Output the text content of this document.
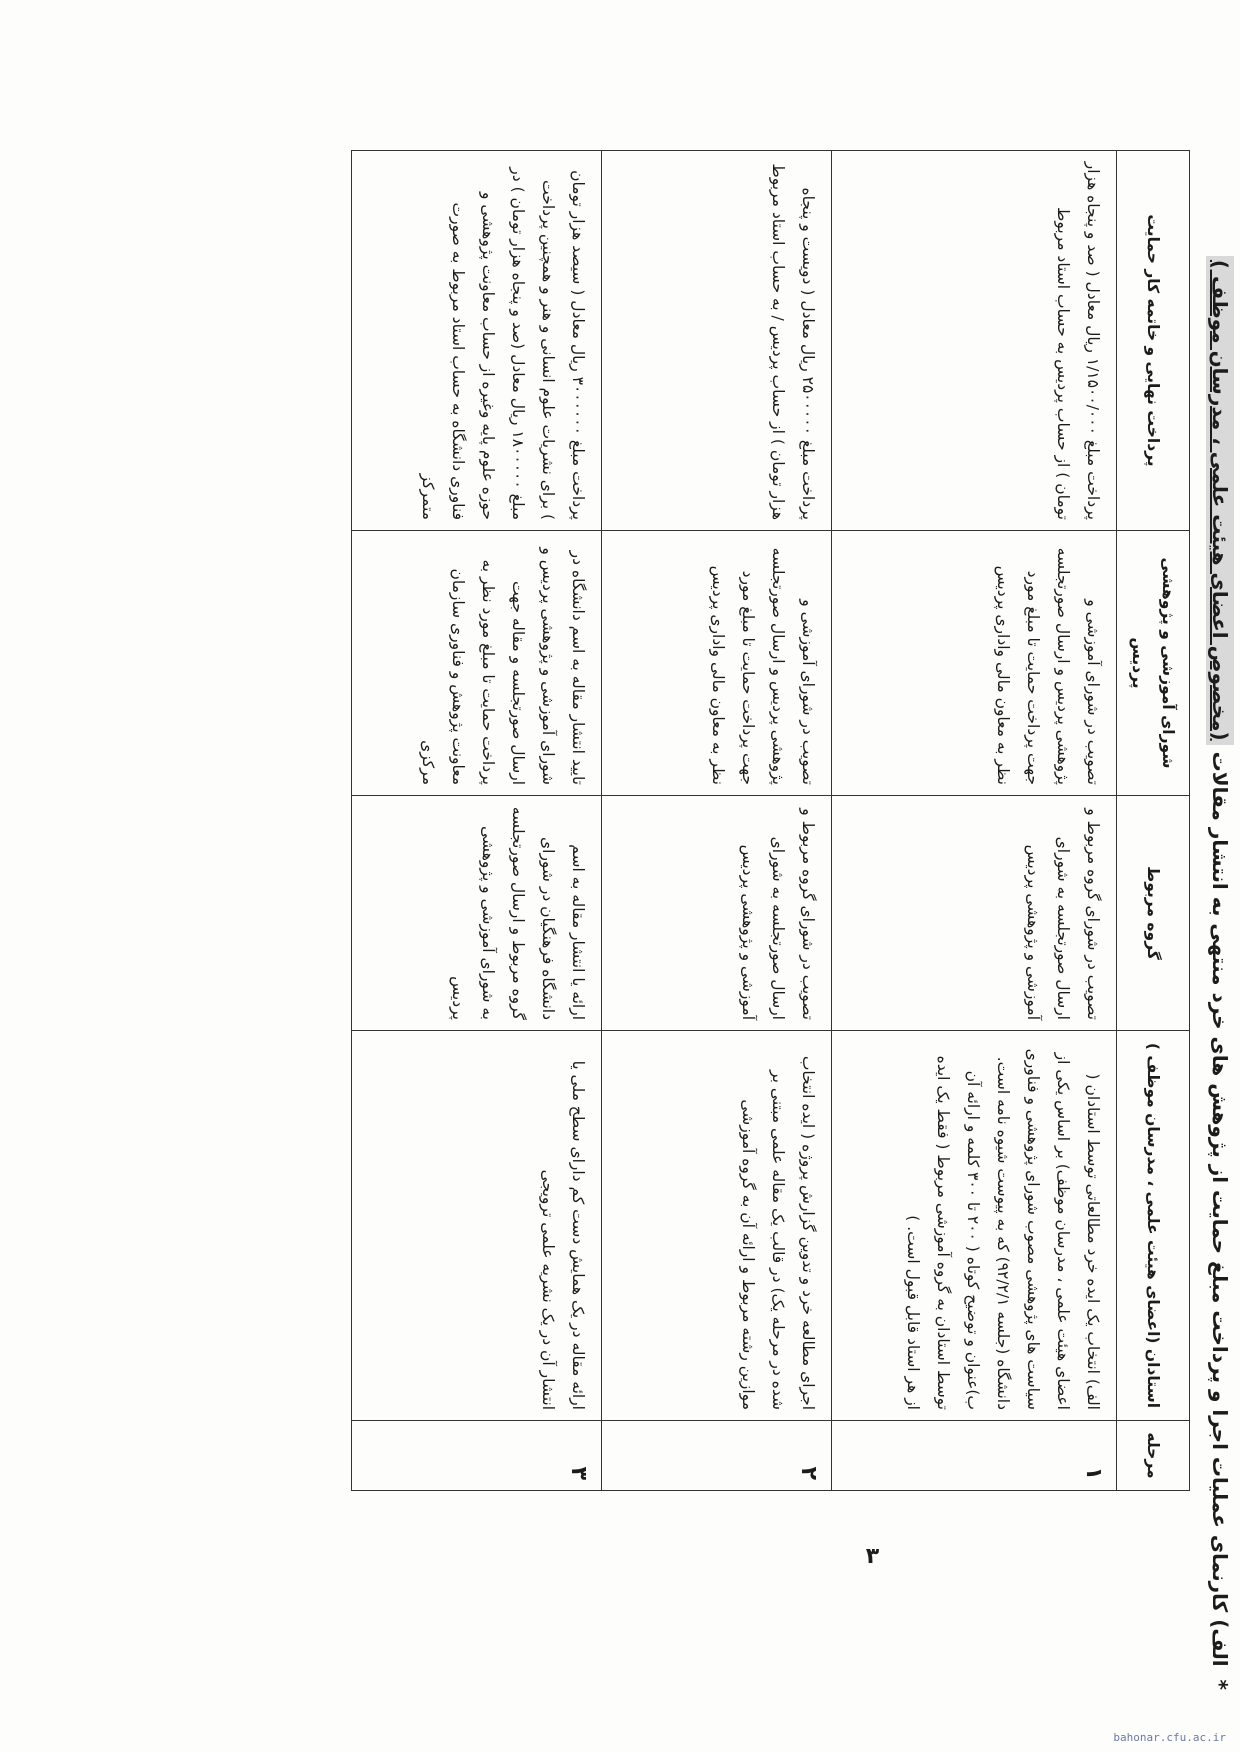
* الف) کارنمای عملیات اجرا و پرداخت مبلغ حمایت از پژوهش های خرد منتهی به انتشار مقالات (مخصوص اعضای هیئت علمی ، مدرسان موظف )
مرحله	استادان (اعضای هیئت علمی ، مدرسان موظف )	گروه مربوط	شورای آموزشی و پژوهشی پردیس	پرداخت نهایی و خاتمه کار حمایت
۱	الف) انتخاب یک ایده خرد مطالعاتی توسط استادان ( اعضای هیئت علمی ، مدرسان موظف) بر اساس یکی از سیاست های پژوهشی مصوب شورای پژوهشی و فناوری دانشگاه (جلسه ۹۲/۲/۱) که به پیوست شیوه نامه است. ب)عنوان و توضیح کوتاه ( ۲۰۰ تا ۳۰۰ کلمه و ارائه آن توسط استادان به گروه آموزشی مربوط ( فقط یک ایده از هر استاد قابل قبول است. )	تصویب در شورای گروه مربوط و ارسال صورتجلسه به شورای آموزشی و پژوهشی پردیس	تصویب در شورای آموزشی و پژوهشی پردیس و ارسال صورتجلسه جهت پرداخت حمایت تا مبلغ مورد نظر به معاون مالی واداری پردیس	پرداخت مبلغ ۱/۱۵۰۰/۰۰۰ ریال معادل ( صد و پنجاه هزار تومان ) از حساب پردیس به حساب استاد مربوط
۲	اجرای مطالعه خرد و تدوین گزارش پروژه ( ایده انتخاب شده در مرحله یک) در قالب یک مقاله علمی مبتنی بر موازین رشته مربوط و ارائه آن به گروه آموزشی	تصویب در شورای گروه مربوط و ارسال صورتجلسه به شورای آموزشی و پژوهشی پردیس	تصویب در شورای آموزشی و پژوهشی پردیس و ارسال صورتجلسه جهت پرداخت حمایت تا مبلغ مورد نظر به معاون مالی واداری پردیس	پرداخت مبلغ ۲۵۰۰۰۰۰ ریال معادل ( دویست و پنجاه هزار تومان ) از حساب پردیس / به حساب استاد مربوط
۳	ارائه مقاله در یک همایش دست کم دارای سطح ملی یا انتشار آن در یک نشریه علمی ترویجی	ارائه یا انتشار مقاله به اسم دانشگاه فرهنگیان در شورای گروه مربوط و ارسال صورتجلسه به شورای آموزشی و پژوهشی پردیس	تایید انتشار مقاله به اسم دانشگاه در شورای آموزشی و پژوهشی پردیس و ارسال صورتجلسه و مقاله جهت پرداخت حمایت تا مبلغ مورد نظر به معاونت پژوهش و فناوری سازمان مرکزی	پرداخت مبلغ ۳۰۰۰۰۰۰ ریال معادل ( سیصد هزار تومان ) برای نشریات علوم انسانی و هنر و همچنین پرداخت مبلغ ۱۸۰۰۰۰۰ ریال معادل (صد و پنجاه هزار تومان ) در حوزه علوم پایه وغیره از حساب معاونت پژوهشی و فناوری دانشگاه به حساب استاد مربوط به صورت متمرکز
۳
bahonar.cfu.ac.ir
